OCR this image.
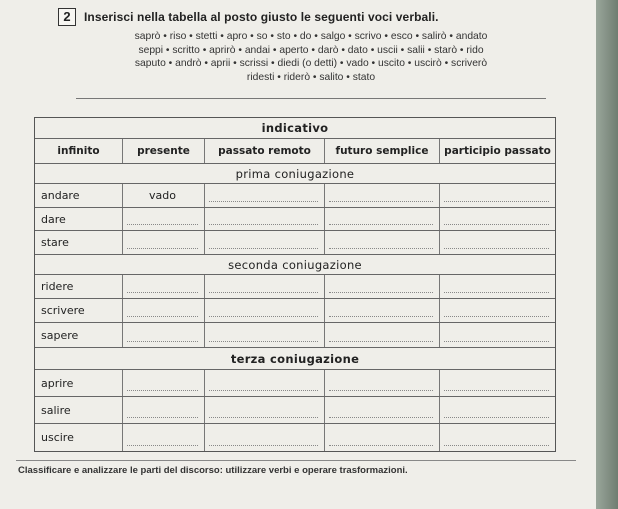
2	Inserisci nella tabella al posto giusto le seguenti voci verbali.
saprò • riso • stetti • apro • so • sto • do • salgo • scrivo • esco • salirò • andato
seppi • scritto • aprirò • andai • aperto • darò • dato • uscii • salii • starò • rido
saputo • andrò • aprii • scrissi • diedi (o detti) • vado • uscito • uscirò • scriverò
ridesti • riderò • salito • stato
indicativo
infinito	presente	passato remoto	futuro semplice	participio passato
prima coniugazione
andare	vado
dare
stare
seconda coniugazione
ridere
scrivere
sapere
terza coniugazione
aprire
salire
uscire
Classificare e analizzare le parti del discorso: utilizzare verbi e operare trasformazioni.
